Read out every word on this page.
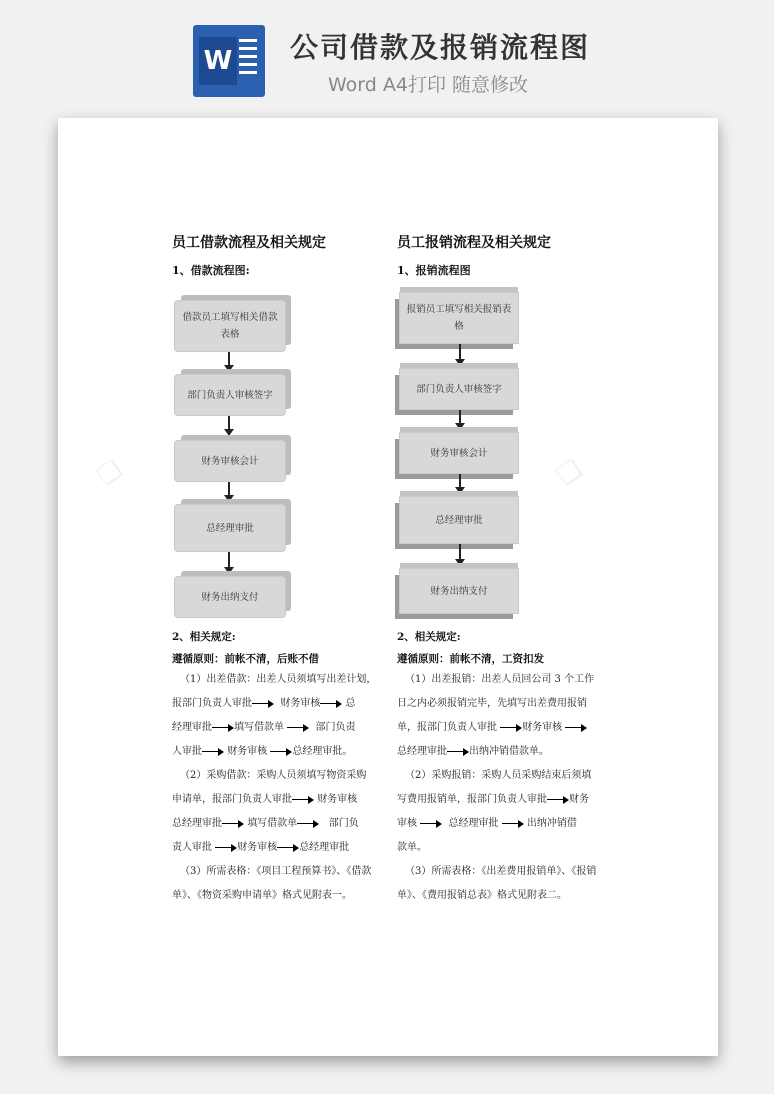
W 公司借款及报销流程图
Word A4打印 随意修改
❏	❏
员工借款流程及相关规定
1、借款流程图:
借款员工填写相关借款表格
部门负责人审核签字
财务审核会计
总经理审批
财务出纳支付
2、相关规定:
遵循原则：前帐不清，后账不借
（1）出差借款：出差人员须填写出差计划，
报部门负责人审批	财务审核	总
经理审批 填写借款单	部门负责
人审批	财务审核	总经理审批。
（2）采购借款：采购人员须填写物资采购
申请单，报部门负责人审批	财务审核
总经理审批	填写借款单	部门负
责人审批	财务审核 总经理审批
（3）所需表格：《项目工程预算书》、《借款
单》、《物资采购申请单》格式见附表一。
员工报销流程及相关规定
1、报销流程图
报销员工填写相关报销表格
部门负责人审核签字
财务审核会计
总经理审批
财务出纳支付
2、相关规定:
遵循原则：前帐不清，工资扣发
（1）出差报销：出差人员回公司 3 个工作
日之内必须报销完毕，先填写出差费用报销
单，报部门负责人审批	财务审核
总经理审批 出纳冲销借款单。
（2）采购报销：采购人员采购结束后须填
写费用报销单，报部门负责人审批 财务
审核	总经理审批	出纳冲销借
款单。
（3）所需表格：《出差费用报销单》、《报销
单》、《费用报销总表》格式见附表二。
